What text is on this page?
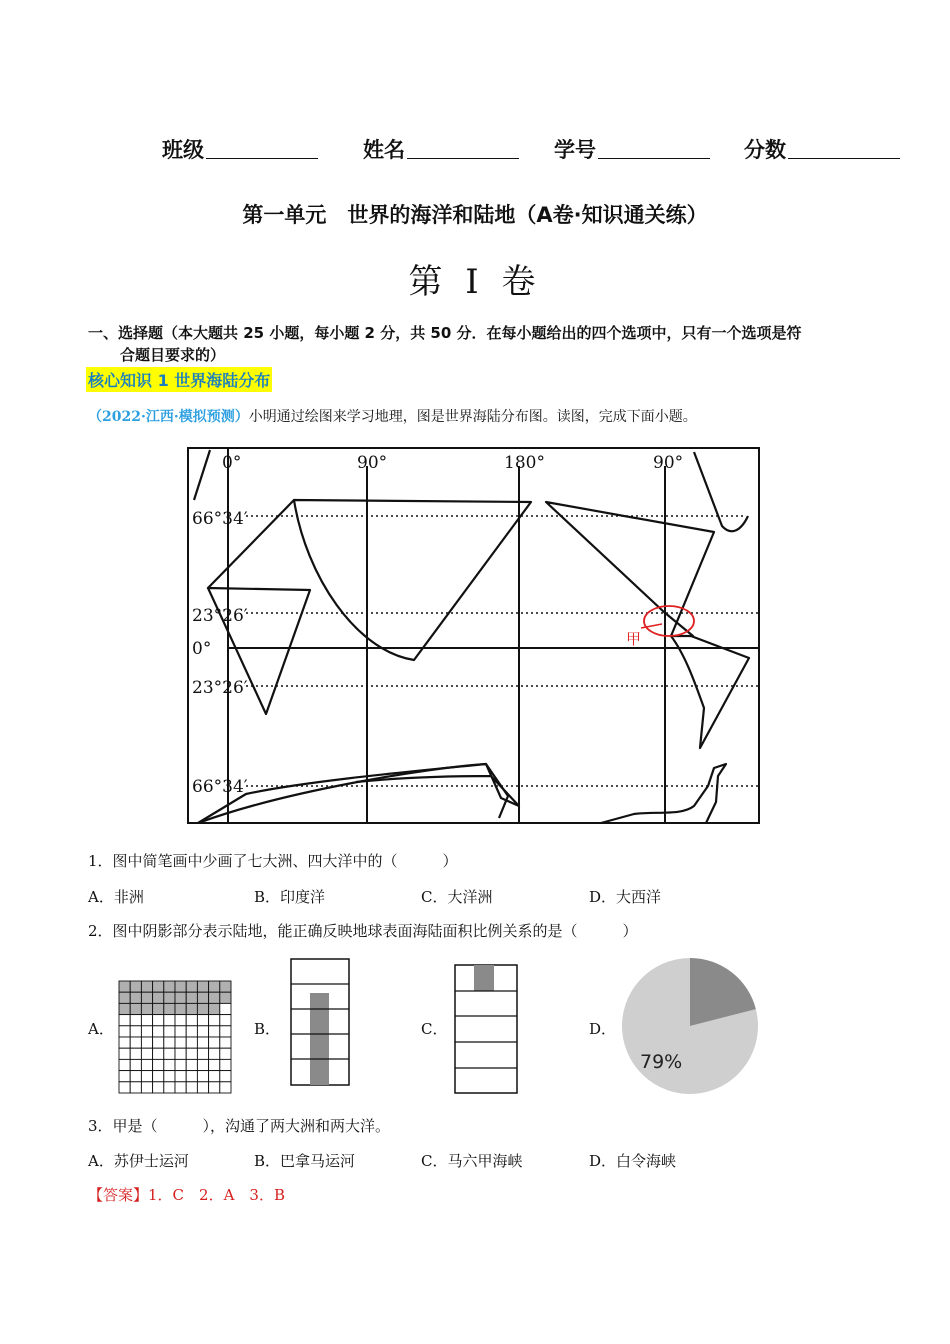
班级	姓名	学号	分数
第一单元　世界的海洋和陆地（A卷·知识通关练）
第 I 卷
一、选择题（本大题共 25 小题，每小题 2 分，共 50 分．在每小题给出的四个选项中，只有一个选项是符
合题目要求的）
核心知识 1 世界海陆分布
（2022·江西·模拟预测）小明通过绘图来学习地理，图是世界海陆分布图。读图，完成下面小题。
0°	90°	180°	90°
66°34′
23°26′
0°
23°26′
66°34′
甲
1．图中简笔画中少画了七大洲、四大洋中的（　　　）
A．非洲	B．印度洋	C．大洋洲	D．大西洋
2．图中阴影部分表示陆地，能正确反映地球表面海陆面积比例关系的是（　　　）
A．	B．	C．	D．
79%
3．甲是（　　　），沟通了两大洲和两大洋。
A．苏伊士运河	B．巴拿马运河	C．马六甲海峡	D．白令海峡
【答案】1．C　2．A　3．B
